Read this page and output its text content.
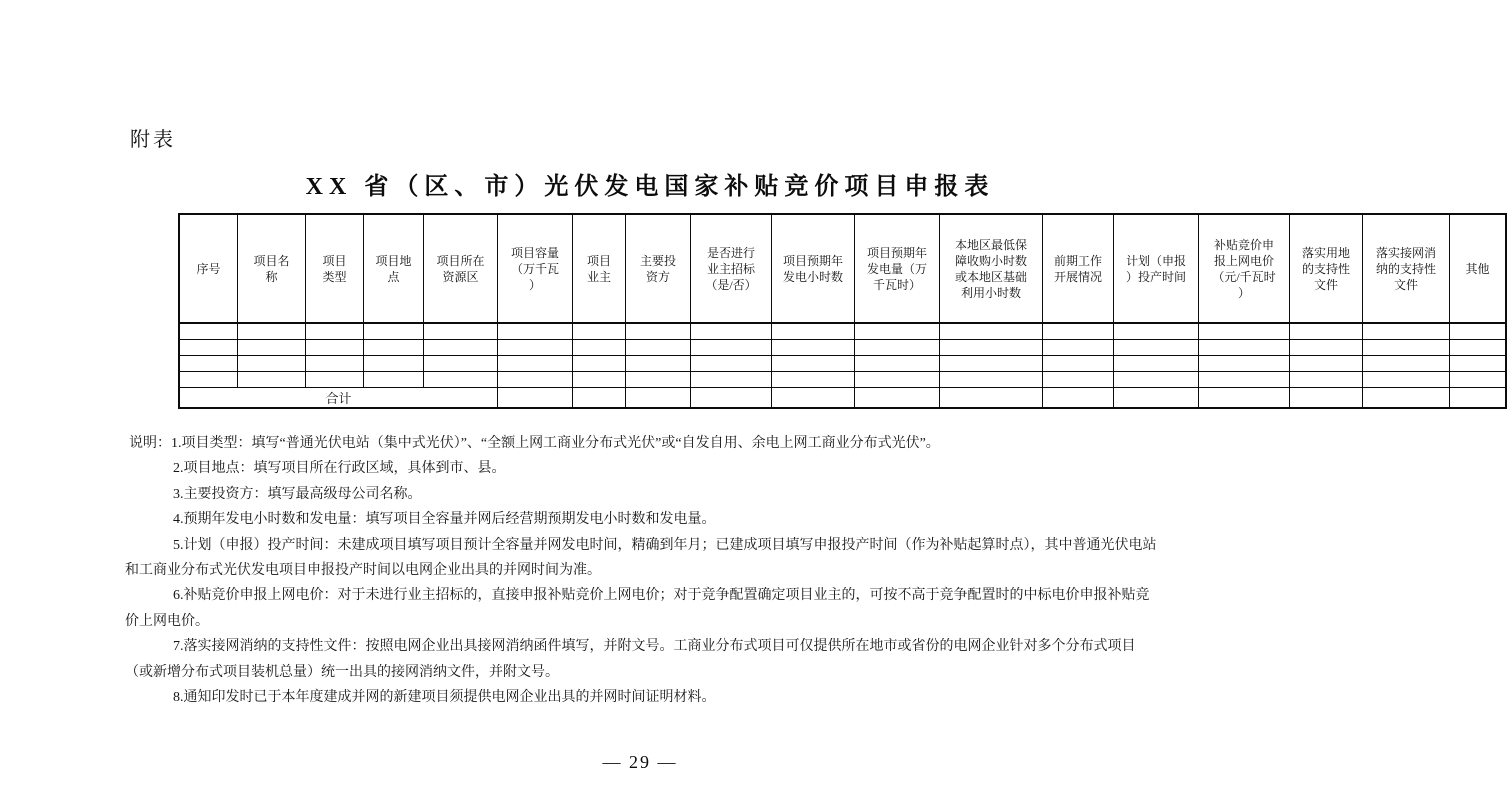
附表
XX 省（区、市）光伏发电国家补贴竞价项目申报表
序号	项目名称	项目类型	项目地点	项目所在资源区	项目容量（万千瓦）	项目业主	主要投资方	是否进行业主招标（是/否）	项目预期年发电小时数	项目预期年发电量（万千瓦时）	本地区最低保障收购小时数或本地区基础利用小时数	前期工作开展情况	计划（申报）投产时间	补贴竞价申报上网电价（元/千瓦时）	落实用地的支持性文件	落实接网消纳的支持性文件	其他

合计																	

说明：1.项目类型：填写“普通光伏电站（集中式光伏）”、“全额上网工商业分布式光伏”或“自发自用、余电上网工商业分布式光伏”。

2.项目地点：填写项目所在行政区域，具体到市、县。

3.主要投资方：填写最高级母公司名称。

4.预期年发电小时数和发电量：填写项目全容量并网后经营期预期发电小时数和发电量。

5.计划（申报）投产时间：未建成项目填写项目预计全容量并网发电时间，精确到年月；已建成项目填写申报投产时间（作为补贴起算时点），其中普通光伏电站和工商业分布式光伏发电项目申报投产时间以电网企业出具的并网时间为准。

6.补贴竞价申报上网电价：对于未进行业主招标的，直接申报补贴竞价上网电价；对于竞争配置确定项目业主的，可按不高于竞争配置时的中标电价申报补贴竞价上网电价。

7.落实接网消纳的支持性文件：按照电网企业出具接网消纳函件填写，并附文号。工商业分布式项目可仅提供所在地市或省份的电网企业针对多个分布式项目（或新增分布式项目装机总量）统一出具的接网消纳文件，并附文号。

8.通知印发时已于本年度建成并网的新建项目须提供电网企业出具的并网时间证明材料。

— 29 —
